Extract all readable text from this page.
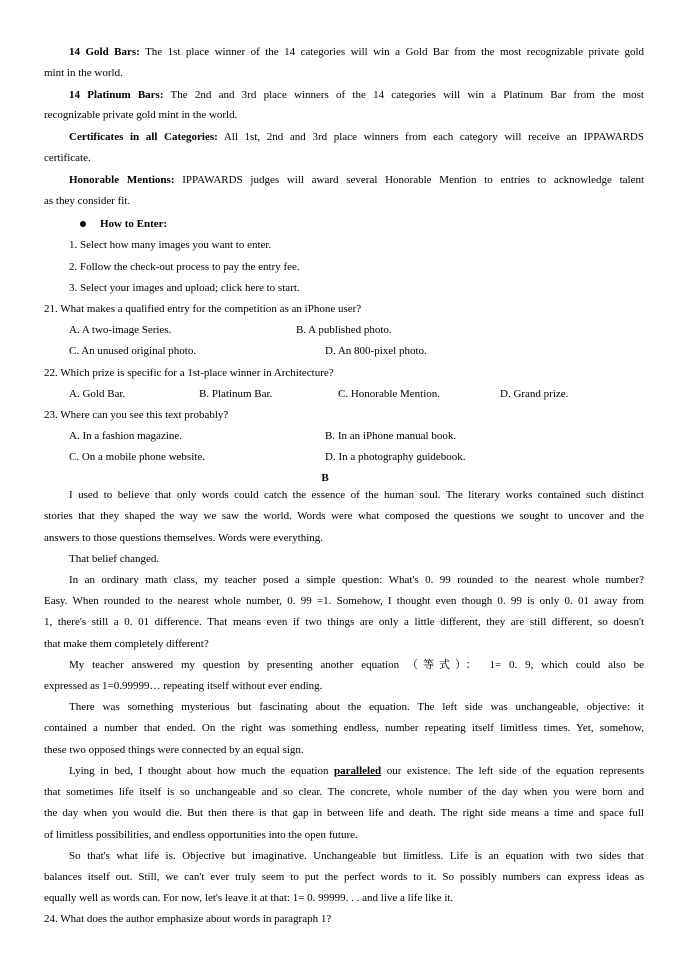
14 Gold Bars: The 1st place winner of the 14 categories will win a Gold Bar from the most recognizable private gold
mint in the world.
14 Platinum Bars: The 2nd and 3rd place winners of the 14 categories will win a Platinum Bar from the most
recognizable private gold mint in the world.
Certificates in all Categories: All 1st, 2nd and 3rd place winners from each category will receive an IPPAWARDS
certificate.
Honorable Mentions: IPPAWARDS judges will award several Honorable Mention to entries to acknowledge talent
as they consider fit.
How to Enter:
1. Select how many images you want to enter.
2. Follow the check-out process to pay the entry fee.
3. Select your images and upload; click here to start.
21. What makes a qualified entry for the competition as an iPhone user?
A. A two-image Series.	B. A published photo.
C. An unused original photo.	D. An 800-pixel photo.
22. Which prize is specific for a 1st-place winner in Architecture?
A. Gold Bar.	B. Platinum Bar.	C. Honorable Mention.	D. Grand prize.
23. Where can you see this text probably?
A. In a fashion magazine.	B. In an iPhone manual book.
C. On a mobile phone website.	D. In a photography guidebook.
B
I used to believe that only words could catch the essence of the human soul. The literary works contained such distinct
stories that they shaped the way we saw the world. Words were what composed the questions we sought to uncover and the
answers to those questions themselves. Words were everything.
That belief changed.
In an ordinary math class, my teacher posed a simple question: What's 0. 99 rounded to the nearest whole number?
Easy. When rounded to the nearest whole number, 0. 99 =1. Somehow, I thought even though 0. 99 is only 0. 01 away from
1, there's still a 0. 01 difference. That means even if two things are only a little different, they are still different, so doesn't
that make them completely different?
My teacher answered my question by presenting another equation （等式）： 1= 0. 9, which could also be
expressed as 1=0.99999… repeating itself without ever ending.
There was something mysterious but fascinating about the equation. The left side was unchangeable, objective: it
contained a number that ended. On the right was something endless, number repeating itself limitless times. Yet, somehow,
these two opposed things were connected by an equal sign.
Lying in bed, I thought about how much the equation paralleled our existence. The left side of the equation represents
that sometimes life itself is so unchangeable and so clear. The concrete, whole number of the day when you were born and
the day when you would die. But then there is that gap in between life and death. The right side means a time and space full
of limitless possibilities, and endless opportunities into the open future.
So that's what life is. Objective but imaginative. Unchangeable but limitless. Life is an equation with two sides that
balances itself out. Still, we can't ever truly seem to put the perfect words to it. So possibly numbers can express ideas as
equally well as words can. For now, let's leave it at that: 1= 0. 99999. . . and live a life like it.
24. What does the author emphasize about words in paragraph 1?
